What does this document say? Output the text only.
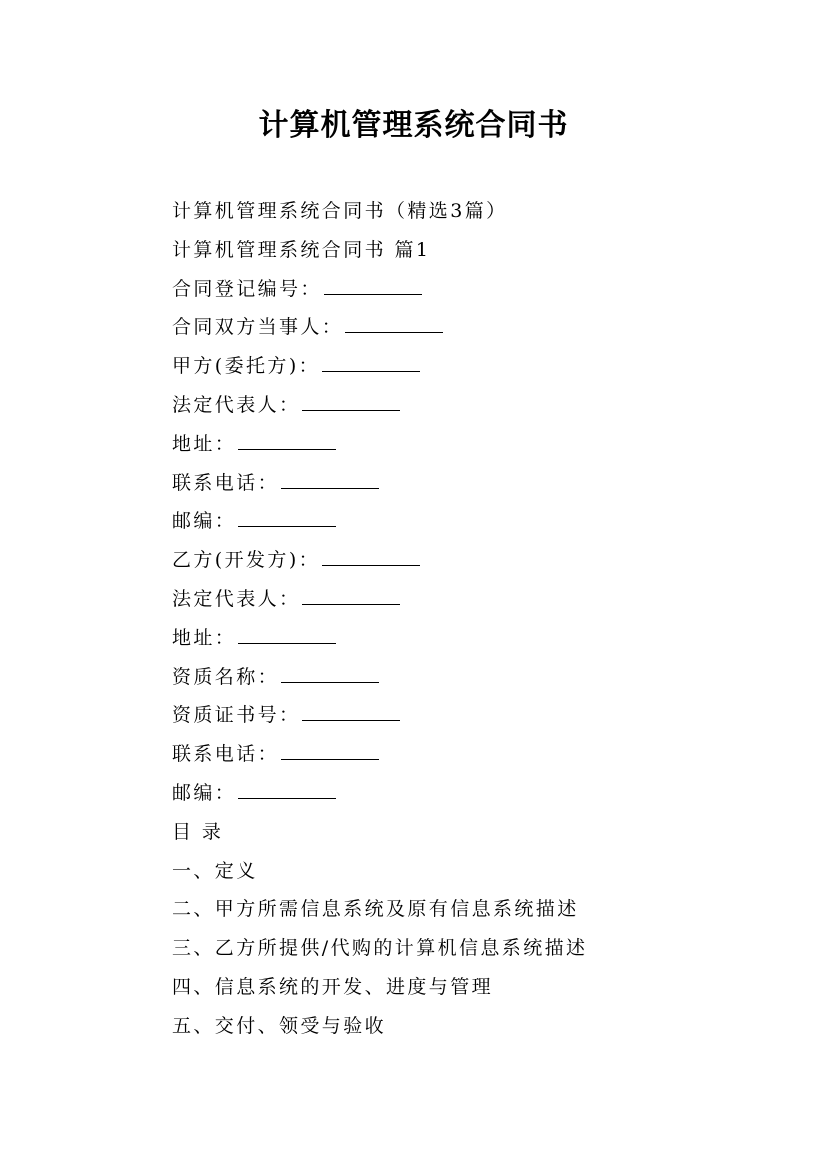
计算机管理系统合同书
计算机管理系统合同书（精选3篇）
计算机管理系统合同书 篇1
合同登记编号：
合同双方当事人：
甲方(委托方)：
法定代表人：
地址：
联系电话：
邮编：
乙方(开发方)：
法定代表人：
地址：
资质名称：
资质证书号：
联系电话：
邮编：
目 录
一、定义
二、甲方所需信息系统及原有信息系统描述
三、乙方所提供/代购的计算机信息系统描述
四、信息系统的开发、进度与管理
五、交付、领受与验收
